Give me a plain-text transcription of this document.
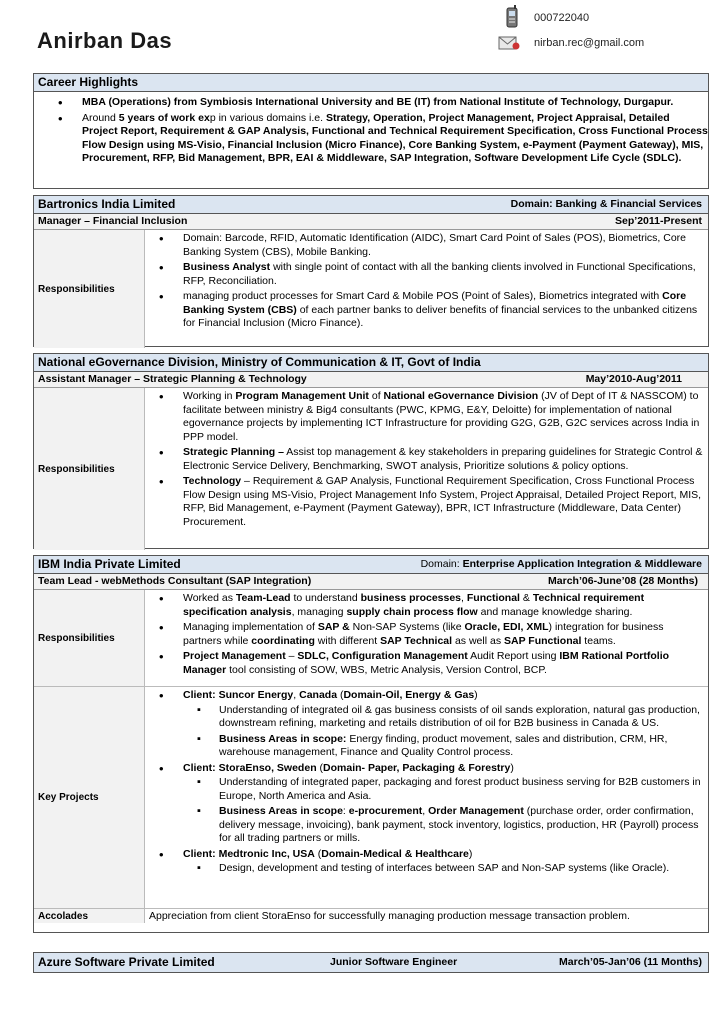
000722040
nirban.rec@gmail.com
Anirban Das
Career Highlights
• MBA (Operations) from Symbiosis International University and BE (IT) from National Institute of Technology, Durgapur.
• Around 5 years of work exp in various domains i.e. Strategy, Operation, Project Management, Project Appraisal, Detailed Project Report, Requirement & GAP Analysis, Functional and Technical Requirement Specification, Cross Functional Process Flow Design using MS-Visio, Financial Inclusion (Micro Finance), Core Banking System, e-Payment (Payment Gateway), MIS, Procurement, RFP, Bid Management, BPR, EAI & Middleware, SAP Integration, Software Development Life Cycle (SDLC).
Bartronics India Limited	Domain: Banking & Financial Services
Manager – Financial Inclusion	Sep’2011-Present
Responsibilities
• Domain: Barcode, RFID, Automatic Identification (AIDC), Smart Card Point of Sales (POS), Biometrics, Core Banking System (CBS), Mobile Banking.
• Business Analyst with single point of contact with all the banking clients involved in Functional Specifications, RFP, Reconciliation.
• managing product processes for Smart Card & Mobile POS (Point of Sales), Biometrics integrated with Core Banking System (CBS) of each partner banks to deliver benefits of financial services to the unbanked citizens for Financial Inclusion (Micro Finance).
National eGovernance Division, Ministry of Communication & IT, Govt of India
Assistant Manager – Strategic Planning & Technology	May’2010-Aug’2011
Responsibilities
• Working in Program Management Unit of National eGovernance Division (JV of Dept of IT & NASSCOM) to facilitate between ministry & Big4 consultants (PWC, KPMG, E&Y, Deloitte) for implementation of national egovernance projects by implementing ICT Infrastructure for providing G2G, G2B, G2C services across India in PPP model.
• Strategic Planning – Assist top management & key stakeholders in preparing guidelines for Strategic Control & Electronic Service Delivery, Benchmarking, SWOT analysis, Prioritize solutions & policy options.
• Technology – Requirement & GAP Analysis, Functional Requirement Specification, Cross Functional Process Flow Design using MS-Visio, Project Management Info System, Project Appraisal, Detailed Project Report, MIS, RFP, Bid Management, e-Payment (Payment Gateway), BPR, ICT Infrastructure (Middleware, Data Center) Procurement.
IBM India Private Limited	Domain: Enterprise Application Integration & Middleware
Team Lead - webMethods Consultant (SAP Integration)	March’06-June’08 (28 Months)
Responsibilities
• Worked as Team-Lead to understand business processes, Functional & Technical requirement specification analysis, managing supply chain process flow and manage knowledge sharing.
• Managing implementation of SAP & Non-SAP Systems (like Oracle, EDI, XML) integration for business partners while coordinating with different SAP Technical as well as SAP Functional teams.
• Project Management – SDLC, Configuration Management Audit Report using IBM Rational Portfolio Manager tool consisting of SOW, WBS, Metric Analysis, Version Control, BCP.
Key Projects
• Client: Suncor Energy, Canada (Domain-Oil, Energy & Gas)
▪ Understanding of integrated oil & gas business consists of oil sands exploration, natural gas production, downstream refining, marketing and retails distribution of oil for B2B business in Canada & US.
▪ Business Areas in scope: Energy finding, product movement, sales and distribution, CRM, HR, warehouse management, Finance and Quality Control process.
• Client: StoraEnso, Sweden (Domain- Paper, Packaging & Forestry)
▪ Understanding of integrated paper, packaging and forest product business serving for B2B customers in Europe, North America and Asia.
▪ Business Areas in scope: e-procurement, Order Management (purchase order, order confirmation, delivery message, invoicing), bank payment, stock inventory, logistics, production, HR (Payroll) process for all trading partners or mills.
• Client: Medtronic Inc, USA (Domain-Medical & Healthcare)
▪ Design, development and testing of interfaces between SAP and Non-SAP systems (like Oracle).
Accolades	Appreciation from client StoraEnso for successfully managing production message transaction problem.
Azure Software Private Limited	Junior Software Engineer	March’05-Jan’06 (11 Months)
